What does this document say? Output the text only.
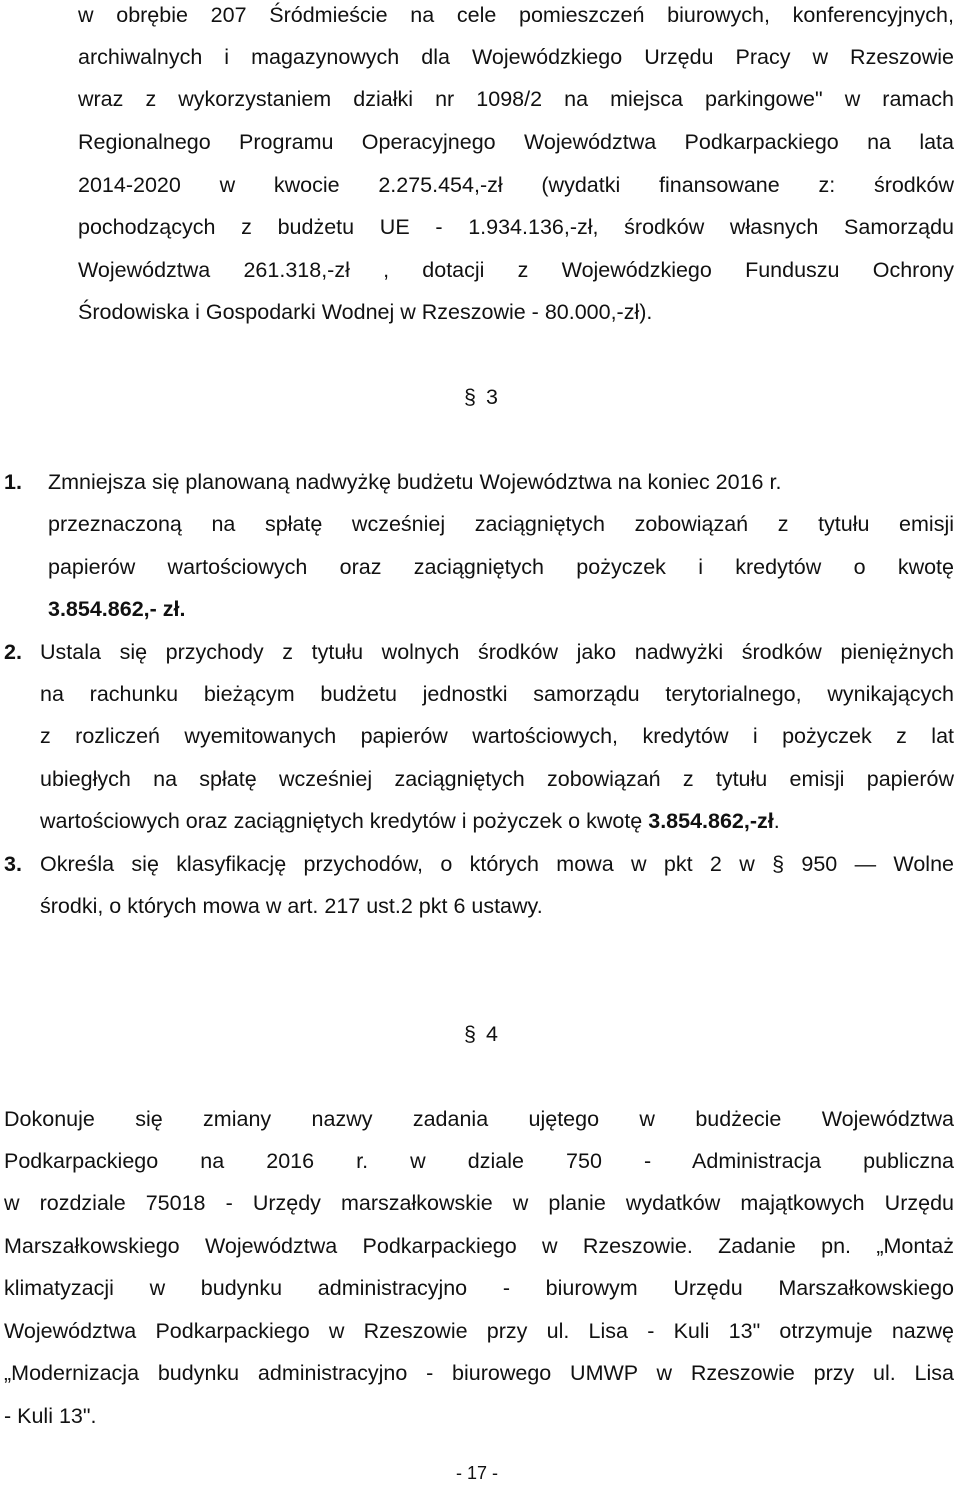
w obrębie 207 Śródmieście na cele pomieszczeń biurowych, konferencyjnych,

archiwalnych i magazynowych dla Wojewódzkiego Urzędu Pracy w Rzeszowie

wraz z wykorzystaniem działki nr 1098/2 na miejsca parkingowe" w ramach

Regionalnego Programu Operacyjnego Województwa Podkarpackiego na lata

2014-2020 w kwocie 2.275.454,-zł (wydatki finansowane z: środków

pochodzących z budżetu UE - 1.934.136,-zł, środków własnych Samorządu

Województwa 261.318,-zł , dotacji z Wojewódzkiego Funduszu Ochrony

Środowiska i Gospodarki Wodnej w Rzeszowie - 80.000,-zł).

§ 3
1. Zmniejsza się planowaną nadwyżkę budżetu Województwa na koniec 2016 r.

przeznaczoną na spłatę wcześniej zaciągniętych zobowiązań z tytułu emisji

papierów wartościowych oraz zaciągniętych pożyczek i kredytów o kwotę

3.854.862,- zł.

2. Ustala się przychody z tytułu wolnych środków jako nadwyżki środków pieniężnych

na rachunku bieżącym budżetu jednostki samorządu terytorialnego, wynikających

z rozliczeń wyemitowanych papierów wartościowych, kredytów i pożyczek z lat

ubiegłych na spłatę wcześniej zaciągniętych zobowiązań z tytułu emisji papierów

wartościowych oraz zaciągniętych kredytów i pożyczek o kwotę 3.854.862,-zł.

3. Określa się klasyfikację przychodów, o których mowa w pkt 2 w § 950 ― Wolne

środki, o których mowa w art. 217 ust.2 pkt 6 ustawy.

§ 4

Dokonuje się zmiany nazwy zadania ujętego w budżecie Województwa

Podkarpackiego na 2016 r. w dziale 750 - Administracja publiczna

w rozdziale 75018 - Urzędy marszałkowskie w planie wydatków majątkowych Urzędu

Marszałkowskiego Województwa Podkarpackiego w Rzeszowie. Zadanie pn. „Montaż

klimatyzacji w budynku administracyjno - biurowym Urzędu Marszałkowskiego

Województwa Podkarpackiego w Rzeszowie przy ul. Lisa - Kuli 13" otrzymuje nazwę

„Modernizacja budynku administracyjno - biurowego UMWP w Rzeszowie przy ul. Lisa

- Kuli 13".

- 17 -
